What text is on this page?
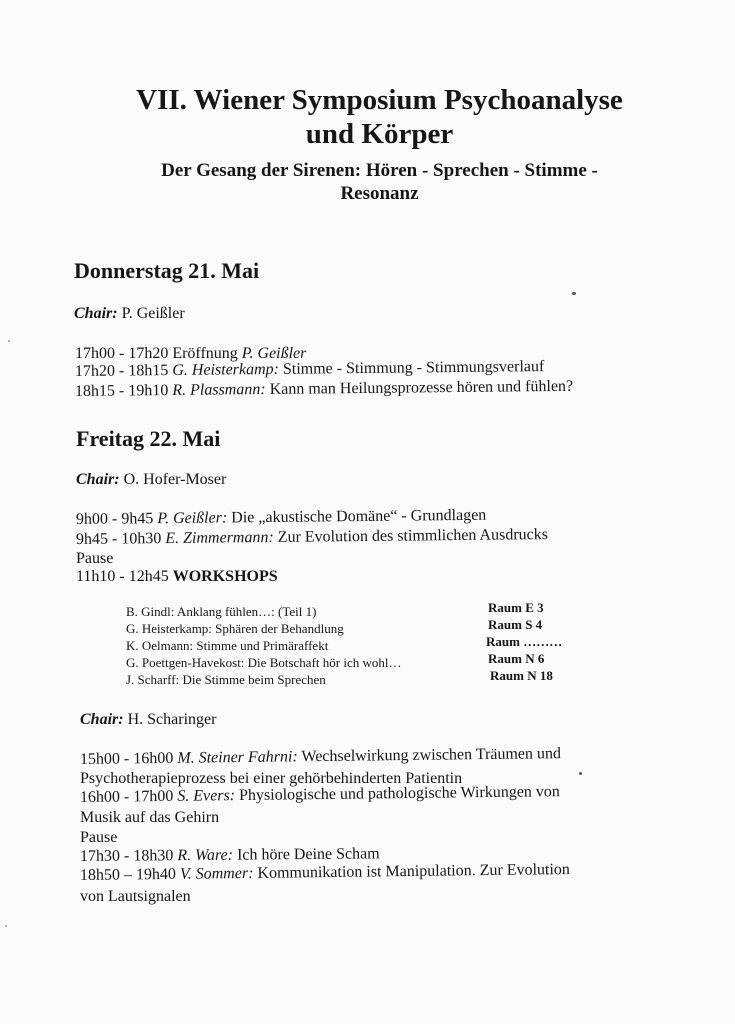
VII. Wiener Symposium Psychoanalyse
und Körper
Der Gesang der Sirenen: Hören - Sprechen - Stimme -
Resonanz
Donnerstag 21. Mai
Chair: P. Geißler
17h00 - 17h20 Eröffnung P. Geißler
17h20 - 18h15 G. Heisterkamp: Stimme - Stimmung - Stimmungsverlauf
18h15 - 19h10 R. Plassmann: Kann man Heilungsprozesse hören und fühlen?
Freitag 22. Mai
Chair: O. Hofer-Moser
9h00 - 9h45 P. Geißler: Die „akustische Domäne“ - Grundlagen
9h45 - 10h30 E. Zimmermann: Zur Evolution des stimmlichen Ausdrucks
Pause
11h10 - 12h45 WORKSHOPS
B. Gindl: Anklang fühlen…: (Teil 1)
G. Heisterkamp: Sphären der Behandlung
K. Oelmann: Stimme und Primäraffekt
G. Poettgen-Havekost: Die Botschaft hör ich wohl…
J. Scharff: Die Stimme beim Sprechen
Raum E 3
Raum S 4
Raum ………
Raum N 6
Raum N 18
Chair: H. Scharinger
15h00 - 16h00 M. Steiner Fahrni: Wechselwirkung zwischen Träumen und
Psychotherapieprozess bei einer gehörbehinderten Patientin
16h00 - 17h00 S. Evers: Physiologische und pathologische Wirkungen von
Musik auf das Gehirn
Pause
17h30 - 18h30 R. Ware: Ich höre Deine Scham
18h50 – 19h40 V. Sommer: Kommunikation ist Manipulation. Zur Evolution
von Lautsignalen
